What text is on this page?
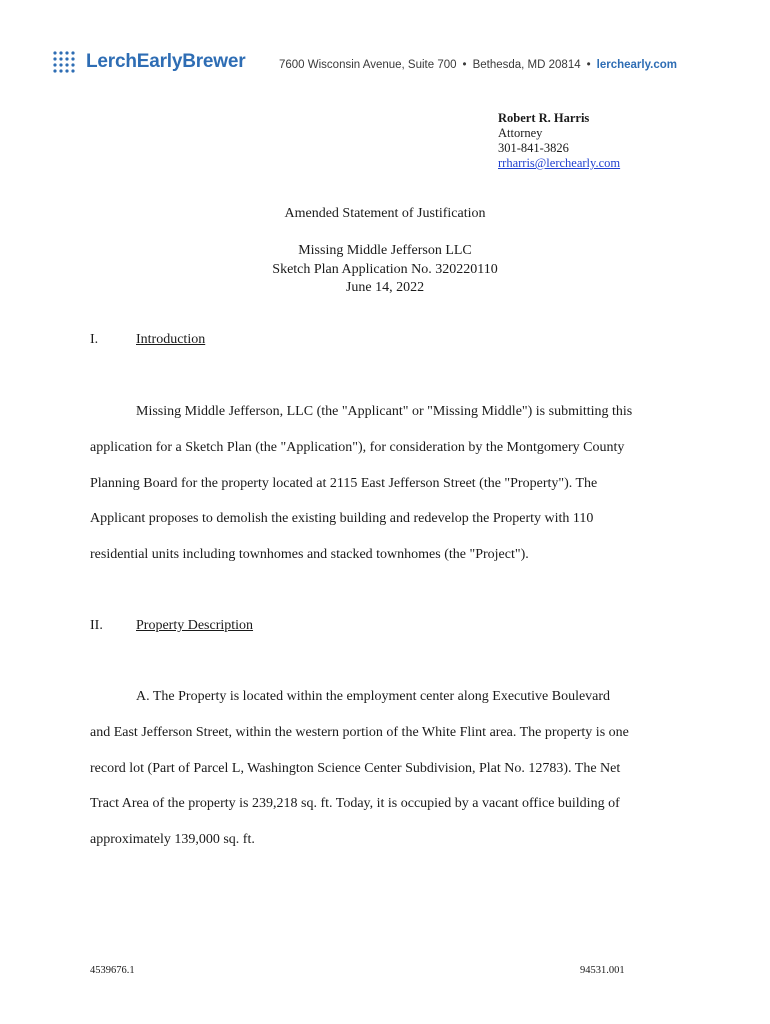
LerchEarlyBrewer	7600 Wisconsin Avenue, Suite 700 • Bethesda, MD 20814 • lerchearly.com
Robert R. Harris
Attorney
301-841-3826
rrharris@lerchearly.com
Amended Statement of Justification
Missing Middle Jefferson LLC
Sketch Plan Application No. 320220110
June 14, 2022
I.	Introduction
Missing Middle Jefferson, LLC (the "Applicant" or "Missing Middle") is submitting this
application for a Sketch Plan (the "Application"), for consideration by the Montgomery County
Planning Board for the property located at 2115 East Jefferson Street (the "Property"). The
Applicant proposes to demolish the existing building and redevelop the Property with 110
residential units including townhomes and stacked townhomes (the "Project").
II. Property Description
A. The Property is located within the employment center along Executive Boulevard
and East Jefferson Street, within the western portion of the White Flint area. The property is one
record lot (Part of Parcel L, Washington Science Center Subdivision, Plat No. 12783). The Net
Tract Area of the property is 239,218 sq. ft. Today, it is occupied by a vacant office building of
approximately 139,000 sq. ft.
4539676.1	94531.001
